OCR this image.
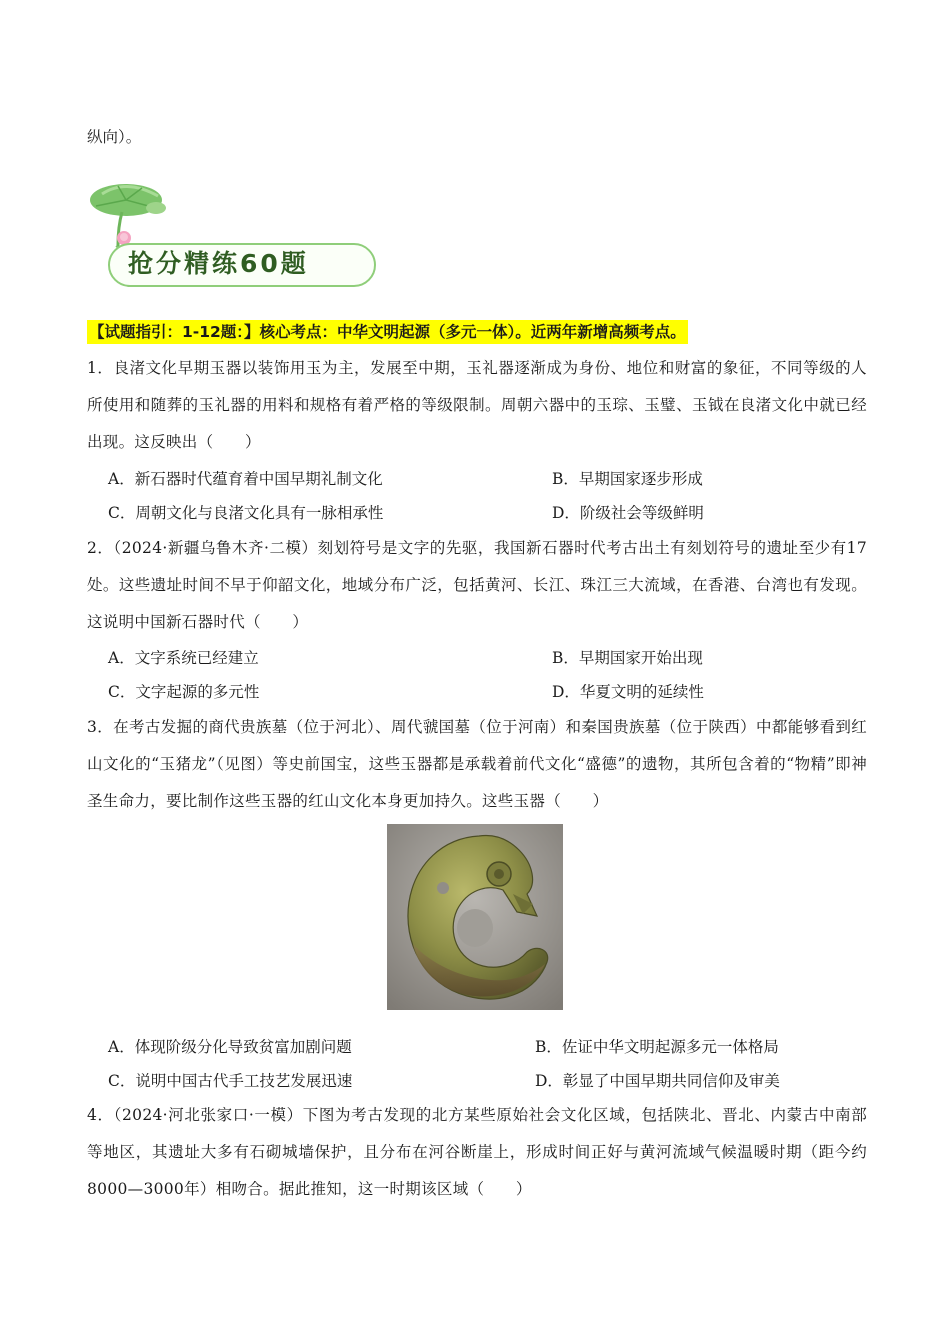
纵向）。
抢分精练60题
【试题指引：1-12题：】核心考点：中华文明起源（多元一体）。近两年新增高频考点。
1．良渚文化早期玉器以装饰用玉为主，发展至中期，玉礼器逐渐成为身份、地位和财富的象征，不同等级的人所使用和随葬的玉礼器的用料和规格有着严格的等级限制。周朝六器中的玉琮、玉璧、玉钺在良渚文化中就已经出现。这反映出（　　）
A．新石器时代蕴育着中国早期礼制文化	B．早期国家逐步形成
C．周朝文化与良渚文化具有一脉相承性	D．阶级社会等级鲜明
2．（2024·新疆乌鲁木齐·二模）刻划符号是文字的先驱，我国新石器时代考古出土有刻划符号的遗址至少有17处。这些遗址时间不早于仰韶文化，地域分布广泛，包括黄河、长江、珠江三大流域，在香港、台湾也有发现。这说明中国新石器时代（　　）
A．文字系统已经建立	B．早期国家开始出现
C．文字起源的多元性	D．华夏文明的延续性
3．在考古发掘的商代贵族墓（位于河北）、周代虢国墓（位于河南）和秦国贵族墓（位于陕西）中都能够看到红山文化的“玉猪龙”（见图）等史前国宝，这些玉器都是承载着前代文化“盛德”的遗物，其所包含着的“物精”即神圣生命力，要比制作这些玉器的红山文化本身更加持久。这些玉器（　　）
A．体现阶级分化导致贫富加剧问题	B．佐证中华文明起源多元一体格局
C．说明中国古代手工技艺发展迅速	D．彰显了中国早期共同信仰及审美
4．（2024·河北张家口·一模）下图为考古发现的北方某些原始社会文化区域，包括陕北、晋北、内蒙古中南部等地区，其遗址大多有石砌城墙保护，且分布在河谷断崖上，形成时间正好与黄河流域气候温暖时期（距今约8000—3000年）相吻合。据此推知，这一时期该区域（　　）
